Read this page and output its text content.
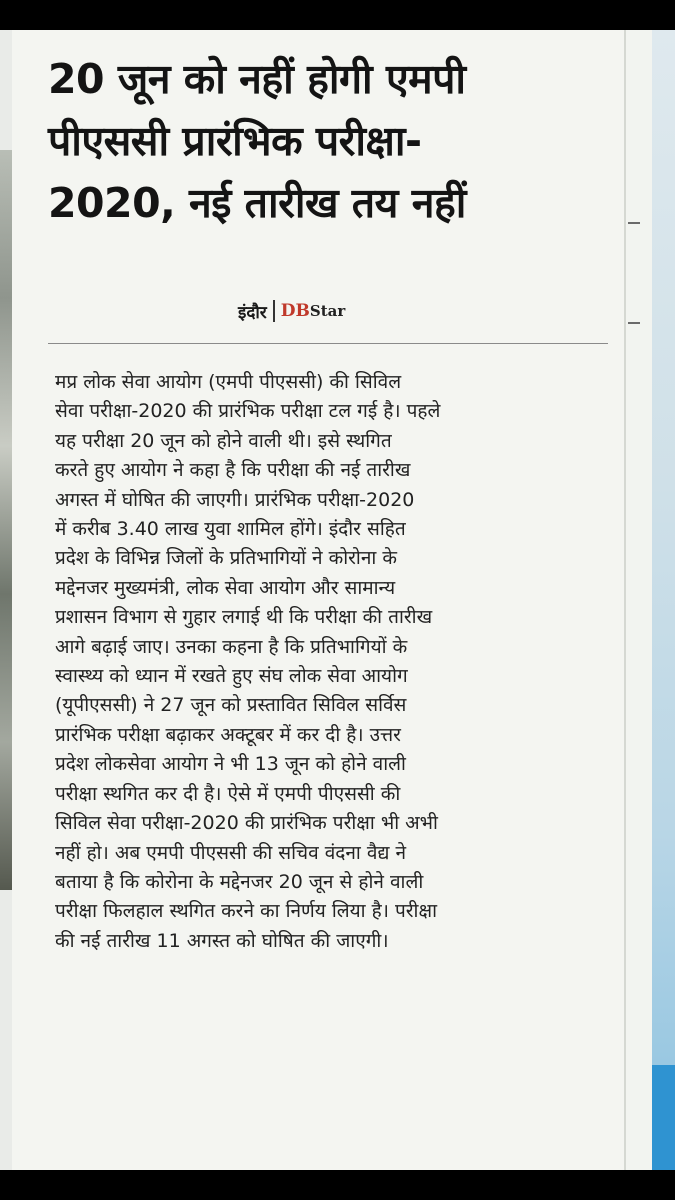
20 जून को नहीं होगी एमपी
पीएससी प्रारंभिक परीक्षा-
2020, नई तारीख तय नहीं
इंदौर DB Star
मप्र लोक सेवा आयोग (एमपी पीएससी) की सिविल
सेवा परीक्षा-2020 की प्रारंभिक परीक्षा टल गई है। पहले
यह परीक्षा 20 जून को होने वाली थी। इसे स्थगित
करते हुए आयोग ने कहा है कि परीक्षा की नई तारीख
अगस्त में घोषित की जाएगी। प्रारंभिक परीक्षा-2020
में करीब 3.40 लाख युवा शामिल होंगे। इंदौर सहित
प्रदेश के विभिन्न जिलों के प्रतिभागियों ने कोरोना के
मद्देनजर मुख्यमंत्री, लोक सेवा आयोग और सामान्य
प्रशासन विभाग से गुहार लगाई थी कि परीक्षा की तारीख
आगे बढ़ाई जाए। उनका कहना है कि प्रतिभागियों के
स्वास्थ्य को ध्यान में रखते हुए संघ लोक सेवा आयोग
(यूपीएससी) ने 27 जून को प्रस्तावित सिविल सर्विस
प्रारंभिक परीक्षा बढ़ाकर अक्टूबर में कर दी है। उत्तर
प्रदेश लोकसेवा आयोग ने भी 13 जून को होने वाली
परीक्षा स्थगित कर दी है। ऐसे में एमपी पीएससी की
सिविल सेवा परीक्षा-2020 की प्रारंभिक परीक्षा भी अभी
नहीं हो। अब एमपी पीएससी की सचिव वंदना वैद्य ने
बताया है कि कोरोना के मद्देनजर 20 जून से होने वाली
परीक्षा फिलहाल स्थगित करने का निर्णय लिया है। परीक्षा
की नई तारीख 11 अगस्त को घोषित की जाएगी।
